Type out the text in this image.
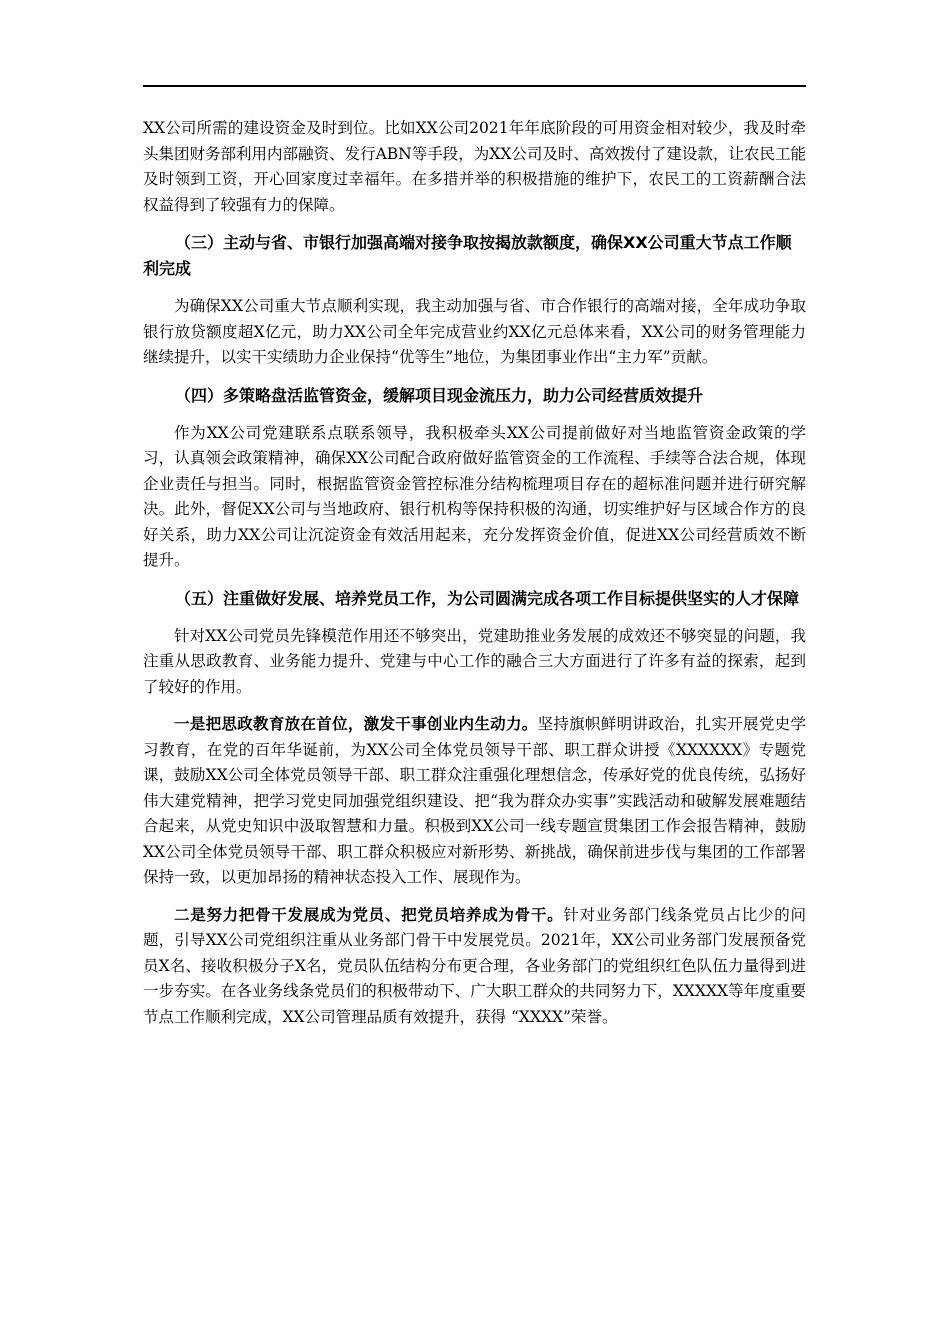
XX公司所需的建设资金及时到位。比如XX公司2021年年底阶段的可用资金相对较少，我及时牵头集团财务部利用内部融资、发行ABN等手段，为XX公司及时、高效拨付了建设款，让农民工能及时领到工资，开心回家度过幸福年。在多措并举的积极措施的维护下，农民工的工资薪酬合法权益得到了较强有力的保障。

（三）主动与省、市银行加强高端对接争取按揭放款额度，确保XX公司重大节点工作顺利完成

为确保XX公司重大节点顺利实现，我主动加强与省、市合作银行的高端对接，全年成功争取银行放贷额度超X亿元，助力XX公司全年完成营业约XX亿元总体来看，XX公司的财务管理能力继续提升，以实干实绩助力企业保持“优等生”地位，为集团事业作出“主力军”贡献。

（四）多策略盘活监管资金，缓解项目现金流压力，助力公司经营质效提升

作为XX公司党建联系点联系领导，我积极牵头XX公司提前做好对当地监管资金政策的学习，认真领会政策精神，确保XX公司配合政府做好监管资金的工作流程、手续等合法合规，体现企业责任与担当。同时，根据监管资金管控标准分结构梳理项目存在的超标准问题并进行研究解决。此外，督促XX公司与当地政府、银行机构等保持积极的沟通，切实维护好与区域合作方的良好关系，助力XX公司让沉淀资金有效活用起来，充分发挥资金价值，促进XX公司经营质效不断提升。

（五）注重做好发展、培养党员工作，为公司圆满完成各项工作目标提供坚实的人才保障

针对XX公司党员先锋模范作用还不够突出，党建助推业务发展的成效还不够突显的问题，我注重从思政教育、业务能力提升、党建与中心工作的融合三大方面进行了许多有益的探索，起到了较好的作用。

一是把思政教育放在首位，激发干事创业内生动力。坚持旗帜鲜明讲政治，扎实开展党史学习教育，在党的百年华诞前，为XX公司全体党员领导干部、职工群众讲授《XXXXXX》专题党课，鼓励XX公司全体党员领导干部、职工群众注重强化理想信念，传承好党的优良传统，弘扬好伟大建党精神，把学习党史同加强党组织建设、把“我为群众办实事”实践活动和破解发展难题结合起来，从党史知识中汲取智慧和力量。积极到XX公司一线专题宣贯集团工作会报告精神，鼓励XX公司全体党员领导干部、职工群众积极应对新形势、新挑战，确保前进步伐与集团的工作部署保持一致，以更加昂扬的精神状态投入工作、展现作为。

二是努力把骨干发展成为党员、把党员培养成为骨干。针对业务部门线条党员占比少的问题，引导XX公司党组织注重从业务部门骨干中发展党员。2021年，XX公司业务部门发展预备党员X名、接收积极分子X名，党员队伍结构分布更合理，各业务部门的党组织红色队伍力量得到进一步夯实。在各业务线条党员们的积极带动下、广大职工群众的共同努力下，XXXXX等年度重要节点工作顺利完成，XX公司管理品质有效提升，获得 “XXXX”荣誉。
